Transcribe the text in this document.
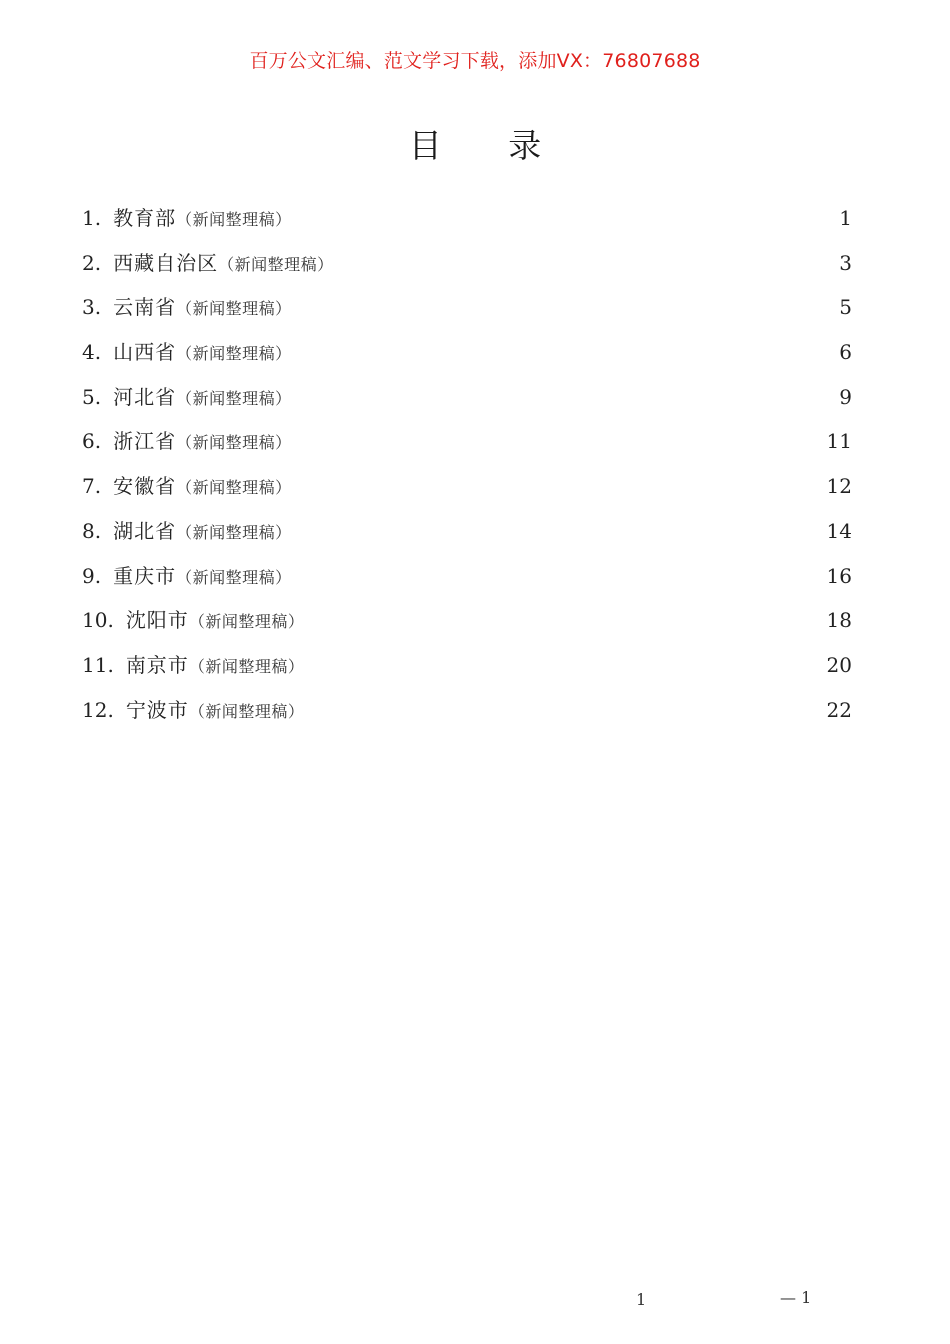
百万公文汇编、范文学习下载，添加VX：76807688
目 录
1. 教育部（新闻整理稿）	1
2. 西藏自治区（新闻整理稿）	3
3. 云南省（新闻整理稿）	5
4. 山西省（新闻整理稿）	6
5. 河北省（新闻整理稿）	9
6. 浙江省（新闻整理稿）	11
7. 安徽省（新闻整理稿）	12
8. 湖北省（新闻整理稿）	14
9. 重庆市（新闻整理稿）	16
10. 沈阳市（新闻整理稿）	18
11. 南京市（新闻整理稿）	20
12. 宁波市（新闻整理稿）	22
1	— 1
